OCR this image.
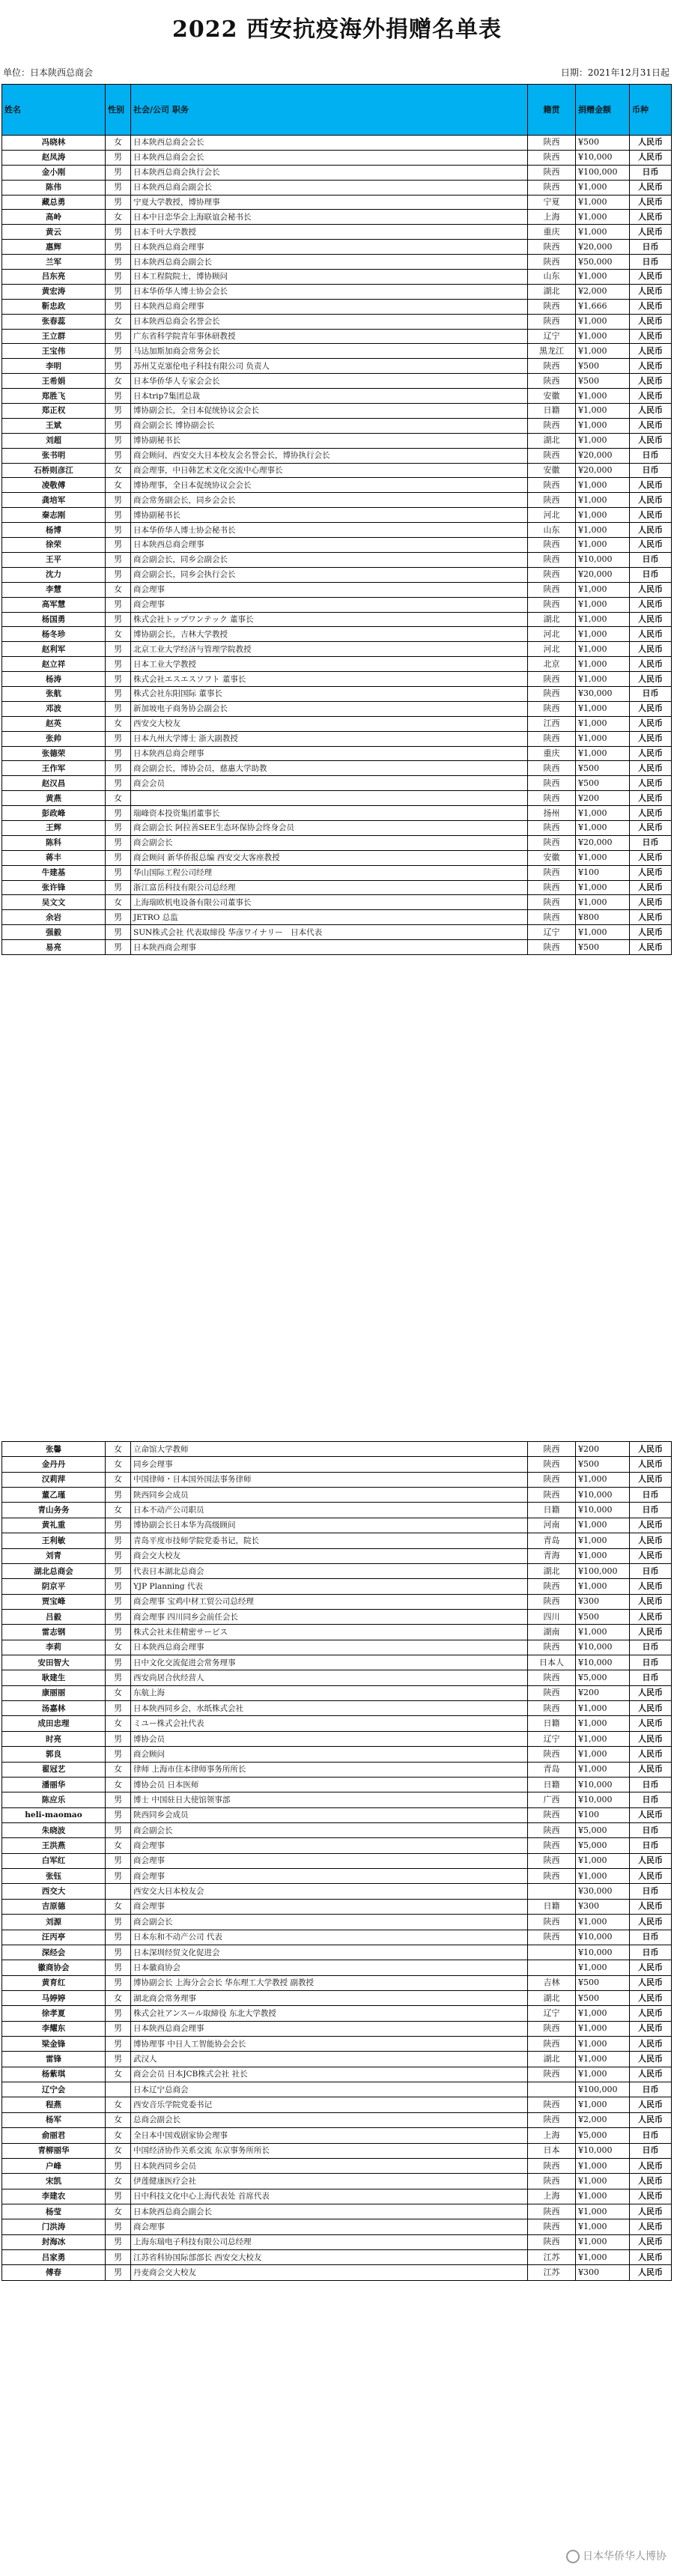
2022 西安抗疫海外捐赠名单表
单位：日本陕西总商会	日期：2021年12月31日起
姓名	性别	社会/公司 职务	籍贯	捐赠金额	币种
冯晓林	女	日本陕西总商会会长	陕西	¥500	人民币
赵凤涛	男	日本陕西总商会会长	陕西	¥10,000	人民币
金小刚	男	日本陕西总商会执行会长	陕西	¥100,000	日币
陈伟	男	日本陕西总商会副会长	陕西	¥1,000	人民币
藏总勇	男	宁夏大学教授，博协理事	宁夏	¥1,000	人民币
高岭	女	日本中日恋华会上海联谊会秘书长	上海	¥1,000	人民币
黄云	男	日本千叶大学教授	重庆	¥1,000	人民币
惠辉	男	日本陕西总商会理事	陕西	¥20,000	日币
兰军	男	日本陕西总商会副会长	陕西	¥50,000	日币
吕东亮	男	日本工程院院士，博协顾问	山东	¥1,000	人民币
黄宏涛	男	日本华侨华人博士协会会长	湖北	¥2,000	人民币
靳忠政	男	日本陕西总商会理事	陕西	¥1,666	人民币
张春蕊	女	日本陕西总商会名誉会长	陕西	¥1,000	人民币
王立群	男	广东省科学院青年事休研教授	辽宁	¥1,000	人民币
王宝伟	男	马达加斯加商会常务会长	黑龙江	¥1,000	人民币
李明	男	苏州艾克塞伦电子科技有限公司 负责人	陕西	¥500	人民币
王希娟	女	日本华侨华人专家会会长	陕西	¥500	人民币
郑胜飞	男	日本trip7集团总裁	安徽	¥1,000	人民币
郑正权	男	博协副会长，全日本促统协议会会长	日籍	¥1,000	人民币
王斌	男	商会副会长 博协副会长	陕西	¥1,000	人民币
刘超	男	博协副秘书长	湖北	¥1,000	人民币
张书明	男	商会顾问，西安交大日本校友会名誉会长，博协执行会长	陕西	¥20,000	日币
石桥则彦江	女	商会理事，中日韩艺术文化交流中心理事长	安徽	¥20,000	日币
凌敬傅	女	博协理事，全日本促统协议会会长	陕西	¥1,000	人民币
龚培军	男	商会常务副会长，同乡会会长	陕西	¥1,000	人民币
秦志刚	男	博协副秘书长	河北	¥1,000	人民币
杨博	男	日本华侨华人博士协会秘书长	山东	¥1,000	人民币
徐荣	男	日本陕西总商会理事	陕西	¥1,000	人民币
王平	男	商会副会长，同乡会副会长	陕西	¥10,000	日币
沈力	男	商会副会长，同乡会执行会长	陕西	¥20,000	日币
李慧	女	商会理事	陕西	¥1,000	人民币
高军慧	男	商会理事	陕西	¥1,000	人民币
杨国勇	男	株式会社トップワンテック 董事长	湖北	¥1,000	人民币
杨冬珍	女	博协副会长，吉林大学教授	河北	¥1,000	人民币
赵利军	男	北京工业大学经济与管理学院教授	河北	¥1,000	人民币
赵立祥	男	日本工业大学教授	北京	¥1,000	人民币
杨涛	男	株式会社エスエスソフト 董事长	陕西	¥1,000	人民币
张航	男	株式会社东阳国际 董事长	陕西	¥30,000	日币
邓波	男	新加坡电子商务协会副会长	陕西	¥1,000	人民币
赵英	女	西安交大校友	江西	¥1,000	人民币
张帅	男	日本九州大学博士 浙大副教授	陕西	¥1,000	人民币
张德荣	男	日本陕西总商会理事	重庆	¥1,000	人民币
王作军	男	商会副会长，博协会员，慈惠大学助教	陕西	¥500	人民币
赵汉昌	男	商会会员	陕西	¥500	人民币
黄燕	女		陕西	¥200	人民币
彭政峰	男	瑞峰资本投资集团董事长	扬州	¥1,000	人民币
王辉	男	商会副会长 阿拉善SEE生态环保协会终身会员	陕西	¥1,000	人民币
陈科	男	商会副会长	陕西	¥20,000	日币
蒋丰	男	商会顾问 新华侨报总编 西安交大客座教授	安徽	¥1,000	人民币
牛建基	男	华山国际工程公司经理	陕西	¥100	人民币
张许锋	男	浙江富岳科技有限公司总经理	陕西	¥1,000	人民币
吴文文	女	上海瑞欧机电设备有限公司董事长	陕西	¥1,000	人民币
余岩	男	JETRO 总监	陕西	¥800	人民币
强毅	男	SUN株式会社 代表取缔役 华彦ワイナリー　日本代表	辽宁	¥1,000	人民币
易亮	男	日本陕西商会理事	陕西	¥500	人民币
张馨	女	立命馆大学教师	陕西	¥200	人民币
金丹丹	女	同乡会理事	陕西	¥500	人民币
汉莉萍	女	中国律师・日本国外国法事务律师	陕西	¥1,000	人民币
董乙瑾	男	陕西同乡会成员	陕西	¥10,000	日币
青山务务	女	日本不动产公司职员	日籍	¥10,000	日币
黄礼重	男	博协副会长日本华为高级顾问	河南	¥1,000	人民币
王利敏	男	青岛平度市技师学院党委书记，院长	青岛	¥1,000	人民币
刘青	男	商会交大校友	青海	¥1,000	人民币
湖北总商会	男	代表日本湖北总商会	湖北	¥100,000	日币
阴京平	男	YJP Planning 代表	陕西	¥1,000	人民币
贾宝峰	男	商会理事 宝鸡中材工贸公司总经理	陕西	¥300	人民币
吕毅	男	商会理事 四川同乡会前任会长	四川	¥500	人民币
雷志钢	男	株式会社未佳精密サービス	湖南	¥1,000	人民币
李莉	女	日本陕西总商会理事	陕西	¥10,000	日币
安田智大	男	日中文化交流促进会常务理事	日本人	¥10,000	日币
耿建生	男	西安尚居合伙经营人	陕西	¥5,000	日币
康丽丽	女	东航上海	陕西	¥200	人民币
汤嘉林	男	日本陕西同乡会，水纸株式会社	陕西	¥1,000	人民币
成田忠理	女	ミユー株式会社代表	日籍	¥1,000	人民币
时亮	男	博协会员	辽宁	¥1,000	人民币
郭良	男	商会顾问	陕西	¥1,000	人民币
翟冠艺	女	律师 上海市住本律师事务所所长	青岛	¥1,000	人民币
潘丽华	女	博协会员 日本医师	日籍	¥10,000	日币
陈应乐	男	博士 中国驻日大使馆领事部	广西	¥10,000	日币
heli-maomao	男	陕西同乡会成员	陕西	¥100	人民币
朱晓波	男	商会副会长	陕西	¥5,000	日币
王洪燕	女	商会理事	陕西	¥5,000	日币
白军红	男	商会理事	陕西	¥1,000	人民币
张钰	男	商会理事	陕西	¥1,000	人民币
西交大		西安交大日本校友会		¥30,000	日币
吉原德	女	商会理事	日籍	¥300	人民币
刘源	男	商会副会长	陕西	¥1,000	人民币
汪丙亭	男	日本东和不动产公司 代表	陕西	¥10,000	日币
深经会	男	日本深圳经贸文化促进会		¥10,000	日币
徽商协会	男	日本徽商协会		¥1,000	人民币
黄育红	男	博协副会长 上海分会会长 华东理工大学教授 副教授	吉林	¥500	人民币
马婷婷	女	湖北商会常务理事	湖北	¥500	人民币
徐孝夏	男	株式会社アンスール取締役 东北大学教授	辽宁	¥1,000	人民币
李耀东	男	日本陕西总商会理事	陕西	¥1,000	人民币
梁金锋	男	博协理事 中日人工智能协会会长	陕西	¥1,000	人民币
雷锋	男	武汉人	湖北	¥1,000	人民币
杨紫琪	女	商会会员 日本JCB株式会社 社长	陕西	¥1,000	人民币
辽宁会		日本辽宁总商会		¥100,000	日币
程燕	女	西安音乐学院党委书记	陕西	¥1,000	人民币
杨军	女	总商会副会长	陕西	¥2,000	人民币
俞丽君	女	全日本中国戏剧家协会理事	上海	¥5,000	日币
青柳丽华	女	中国经济协作关系交流 东京事务所所长	日本	¥10,000	日币
户峰	男	日本陕西同乡会员	陕西	¥1,000	人民币
宋凯	女	伊莲健康医疗会社	陕西	¥1,000	人民币
李建农	男	日中科技文化中心上海代表处 首席代表	上海	¥1,000	人民币
杨莹	女	日本陕西总商会副会长	陕西	¥1,000	人民币
门洪涛	男	商会理事	陕西	¥1,000	人民币
封海冰	男	上海东瑞电子科技有限公司总经理	陕西	¥1,000	人民币
吕家勇	男	江苏省科协国际部部长 西安交大校友	江苏	¥1,000	人民币
傅春	男	丹麦商会交大校友	江苏	¥300	人民币
日本华侨华人博协
